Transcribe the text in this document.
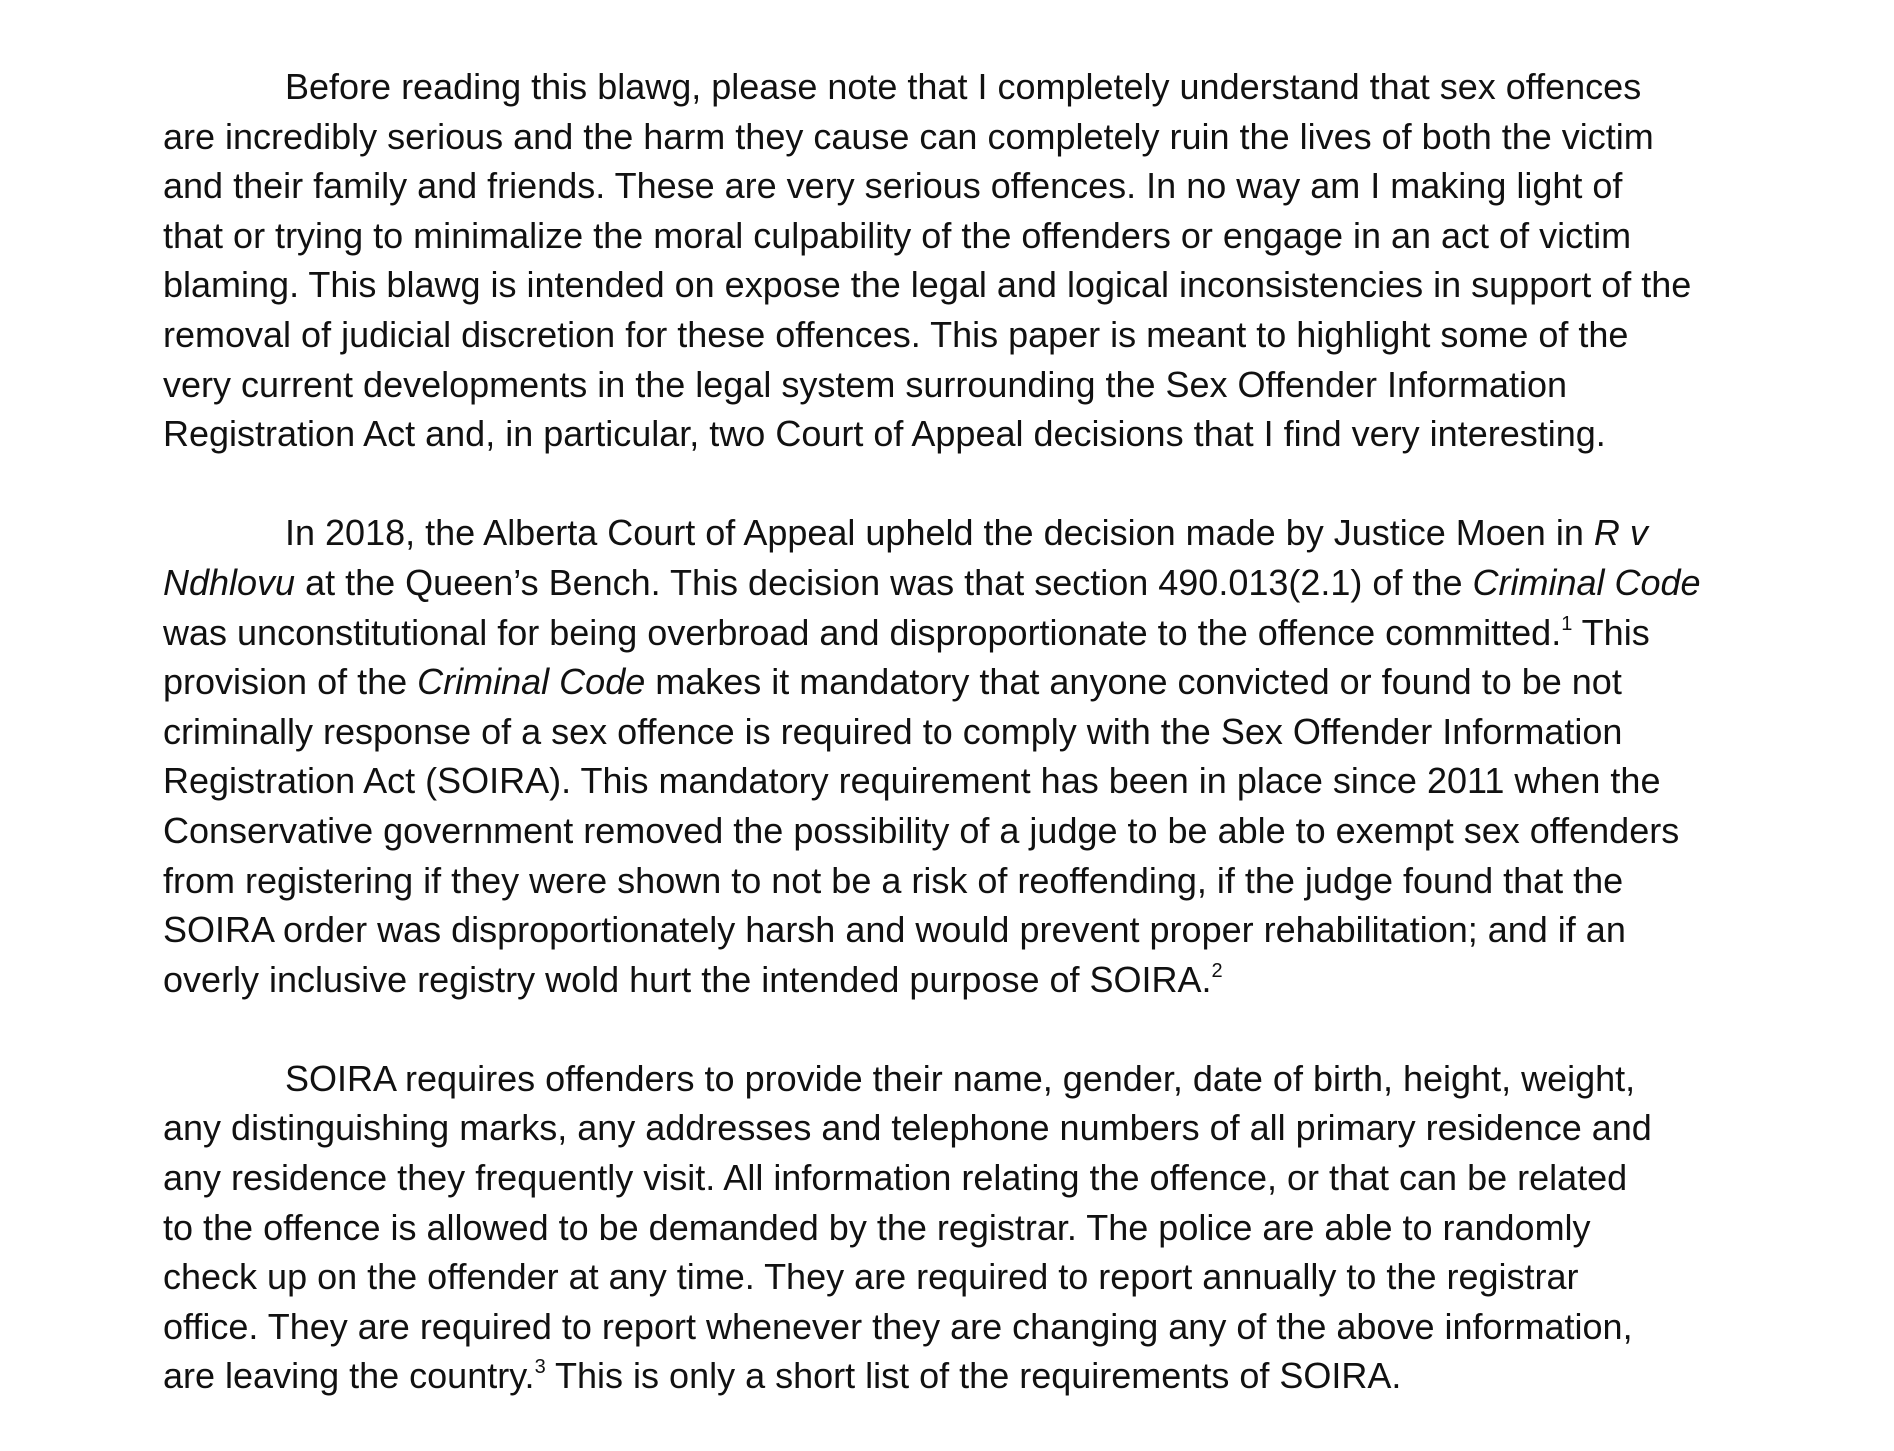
Before reading this blawg, please note that I completely understand that sex offences
are incredibly serious and the harm they cause can completely ruin the lives of both the victim
and their family and friends. These are very serious offences. In no way am I making light of
that or trying to minimalize the moral culpability of the offenders or engage in an act of victim
blaming. This blawg is intended on expose the legal and logical inconsistencies in support of the
removal of judicial discretion for these offences. This paper is meant to highlight some of the
very current developments in the legal system surrounding the Sex Offender Information
Registration Act and, in particular, two Court of Appeal decisions that I find very interesting.
In 2018, the Alberta Court of Appeal upheld the decision made by Justice Moen in R v
Ndhlovu at the Queen’s Bench. This decision was that section 490.013(2.1) of the Criminal Code
was unconstitutional for being overbroad and disproportionate to the offence committed.$^1$ This
provision of the Criminal Code makes it mandatory that anyone convicted or found to be not
criminally response of a sex offence is required to comply with the Sex Offender Information
Registration Act (SOIRA). This mandatory requirement has been in place since 2011 when the
Conservative government removed the possibility of a judge to be able to exempt sex offenders
from registering if they were shown to not be a risk of reoffending, if the judge found that the
SOIRA order was disproportionately harsh and would prevent proper rehabilitation; and if an
overly inclusive registry wold hurt the intended purpose of SOIRA.$^2$
SOIRA requires offenders to provide their name, gender, date of birth, height, weight,
any distinguishing marks, any addresses and telephone numbers of all primary residence and
any residence they frequently visit. All information relating the offence, or that can be related
to the offence is allowed to be demanded by the registrar. The police are able to randomly
check up on the offender at any time. They are required to report annually to the registrar
office. They are required to report whenever they are changing any of the above information,
are leaving the country.$^3$ This is only a short list of the requirements of SOIRA.
